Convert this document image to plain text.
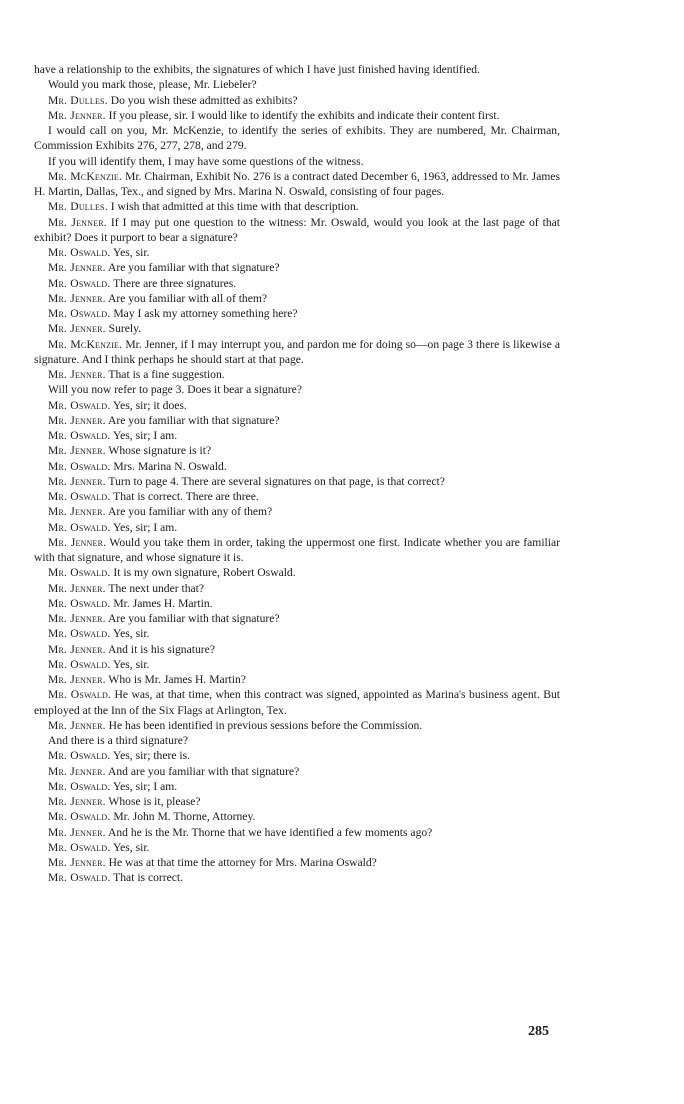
have a relationship to the exhibits, the signatures of which I have just finished having identified.

Would you mark those, please, Mr. Liebeler?

Mr. Dulles. Do you wish these admitted as exhibits?

Mr. Jenner. If you please, sir. I would like to identify the exhibits and indicate their content first.

I would call on you, Mr. McKenzie, to identify the series of exhibits. They are numbered, Mr. Chairman, Commission Exhibits 276, 277, 278, and 279.

If you will identify them, I may have some questions of the witness.

Mr. McKenzie. Mr. Chairman, Exhibit No. 276 is a contract dated December 6, 1963, addressed to Mr. James H. Martin, Dallas, Tex., and signed by Mrs. Marina N. Oswald, consisting of four pages.

Mr. Dulles. I wish that admitted at this time with that description.

Mr. Jenner. If I may put one question to the witness: Mr. Oswald, would you look at the last page of that exhibit? Does it purport to bear a signature?

Mr. Oswald. Yes, sir.

Mr. Jenner. Are you familiar with that signature?

Mr. Oswald. There are three signatures.

Mr. Jenner. Are you familiar with all of them?

Mr. Oswald. May I ask my attorney something here?

Mr. Jenner. Surely.

Mr. McKenzie. Mr. Jenner, if I may interrupt you, and pardon me for doing so—on page 3 there is likewise a signature. And I think perhaps he should start at that page.

Mr. Jenner. That is a fine suggestion.

Will you now refer to page 3. Does it bear a signature?

Mr. Oswald. Yes, sir; it does.

Mr. Jenner. Are you familiar with that signature?

Mr. Oswald. Yes, sir; I am.

Mr. Jenner. Whose signature is it?

Mr. Oswald. Mrs. Marina N. Oswald.

Mr. Jenner. Turn to page 4. There are several signatures on that page, is that correct?

Mr. Oswald. That is correct. There are three.

Mr. Jenner. Are you familiar with any of them?

Mr. Oswald. Yes, sir; I am.

Mr. Jenner. Would you take them in order, taking the uppermost one first. Indicate whether you are familiar with that signature, and whose signature it is.

Mr. Oswald. It is my own signature, Robert Oswald.

Mr. Jenner. The next under that?

Mr. Oswald. Mr. James H. Martin.

Mr. Jenner. Are you familiar with that signature?

Mr. Oswald. Yes, sir.

Mr. Jenner. And it is his signature?

Mr. Oswald. Yes, sir.

Mr. Jenner. Who is Mr. James H. Martin?

Mr. Oswald. He was, at that time, when this contract was signed, appointed as Marina's business agent. But employed at the Inn of the Six Flags at Arlington, Tex.

Mr. Jenner. He has been identified in previous sessions before the Commission.

And there is a third signature?

Mr. Oswald. Yes, sir; there is.

Mr. Jenner. And are you familiar with that signature?

Mr. Oswald. Yes, sir; I am.

Mr. Jenner. Whose is it, please?

Mr. Oswald. Mr. John M. Thorne, Attorney.

Mr. Jenner. And he is the Mr. Thorne that we have identified a few moments ago?

Mr. Oswald. Yes, sir.

Mr. Jenner. He was at that time the attorney for Mrs. Marina Oswald?

Mr. Oswald. That is correct.

285
